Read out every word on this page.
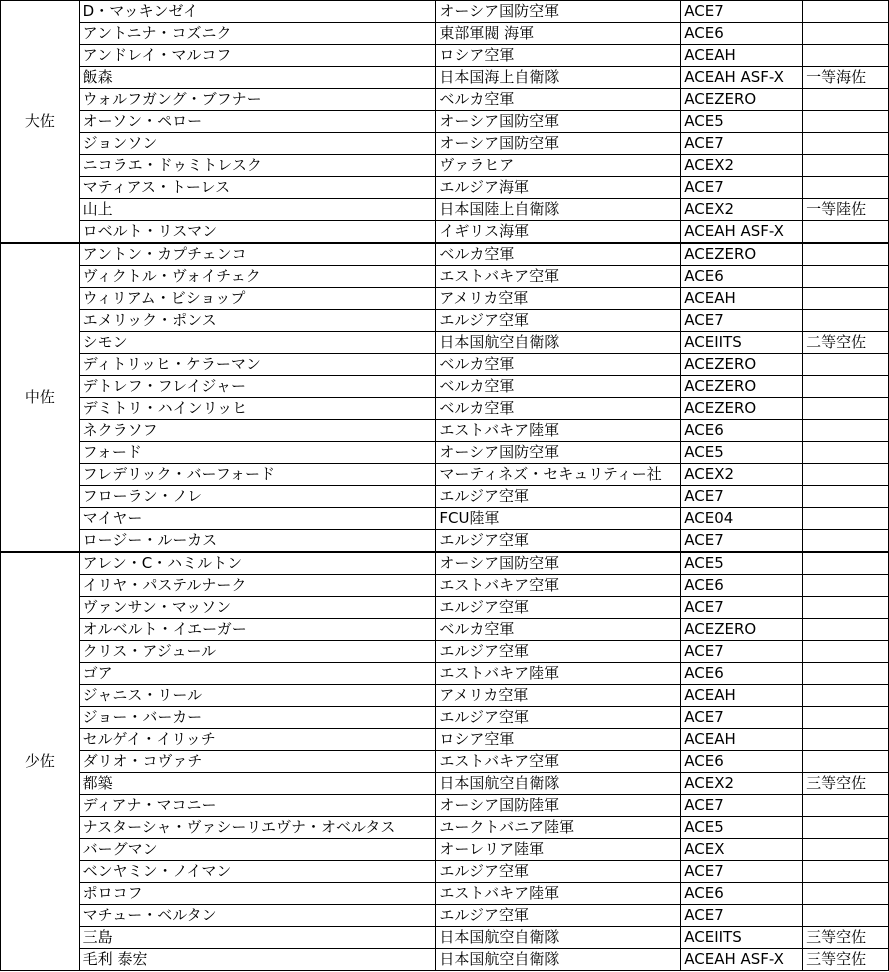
大佐	D・マッキンゼイ	オーシア国防空軍	ACE7	
	アントニナ・コズニク	東部軍閥 海軍	ACE6	
	アンドレイ・マルコフ	ロシア空軍	ACEAH	
	飯森	日本国海上自衛隊	ACEAH ASF-X	一等海佐
	ウォルフガング・ブフナー	ベルカ空軍	ACEZERO	
	オーソン・ペロー	オーシア国防空軍	ACE5	
	ジョンソン	オーシア国防空軍	ACE7	
	ニコラエ・ドゥミトレスク	ヴァラヒア	ACEX2	
	マティアス・トーレス	エルジア海軍	ACE7	
	山上	日本国陸上自衛隊	ACEX2	一等陸佐
	ロベルト・リスマン	イギリス海軍	ACEAH ASF-X	
中佐	アントン・カプチェンコ	ベルカ空軍	ACEZERO	
	ヴィクトル・ヴォイチェク	エストバキア空軍	ACE6	
	ウィリアム・ビショップ	アメリカ空軍	ACEAH	
	エメリック・ポンス	エルジア空軍	ACE7	
	シモン	日本国航空自衛隊	ACEIITS	二等空佐
	ディトリッヒ・ケラーマン	ベルカ空軍	ACEZERO	
	デトレフ・フレイジャー	ベルカ空軍	ACEZERO	
	デミトリ・ハインリッヒ	ベルカ空軍	ACEZERO	
	ネクラソフ	エストバキア陸軍	ACE6	
	フォード	オーシア国防空軍	ACE5	
	フレデリック・バーフォード	マーティネズ・セキュリティー社	ACEX2	
	フローラン・ノレ	エルジア空軍	ACE7	
	マイヤー	FCU陸軍	ACE04	
	ロージー・ルーカス	エルジア空軍	ACE7	
少佐	アレン・C・ハミルトン	オーシア国防空軍	ACE5	
	イリヤ・パステルナーク	エストバキア空軍	ACE6	
	ヴァンサン・マッソン	エルジア空軍	ACE7	
	オルベルト・イエーガー	ベルカ空軍	ACEZERO	
	クリス・アジュール	エルジア空軍	ACE7	
	ゴア	エストバキア陸軍	ACE6	
	ジャニス・リール	アメリカ空軍	ACEAH	
	ジョー・バーカー	エルジア空軍	ACE7	
	セルゲイ・イリッチ	ロシア空軍	ACEAH	
	ダリオ・コヴァチ	エストバキア空軍	ACE6	
	都築	日本国航空自衛隊	ACEX2	三等空佐
	ディアナ・マコニー	オーシア国防陸軍	ACE7	
	ナスターシャ・ヴァシーリエヴナ・オベルタス	ユークトバニア陸軍	ACE5	
	バーグマン	オーレリア陸軍	ACEX	
	ベンヤミン・ノイマン	エルジア空軍	ACE7	
	ポロコフ	エストバキア陸軍	ACE6	
	マチュー・ベルタン	エルジア空軍	ACE7	
	三島	日本国航空自衛隊	ACEIITS	三等空佐
	毛利 泰宏	日本国航空自衛隊	ACEAH ASF-X	三等空佐
